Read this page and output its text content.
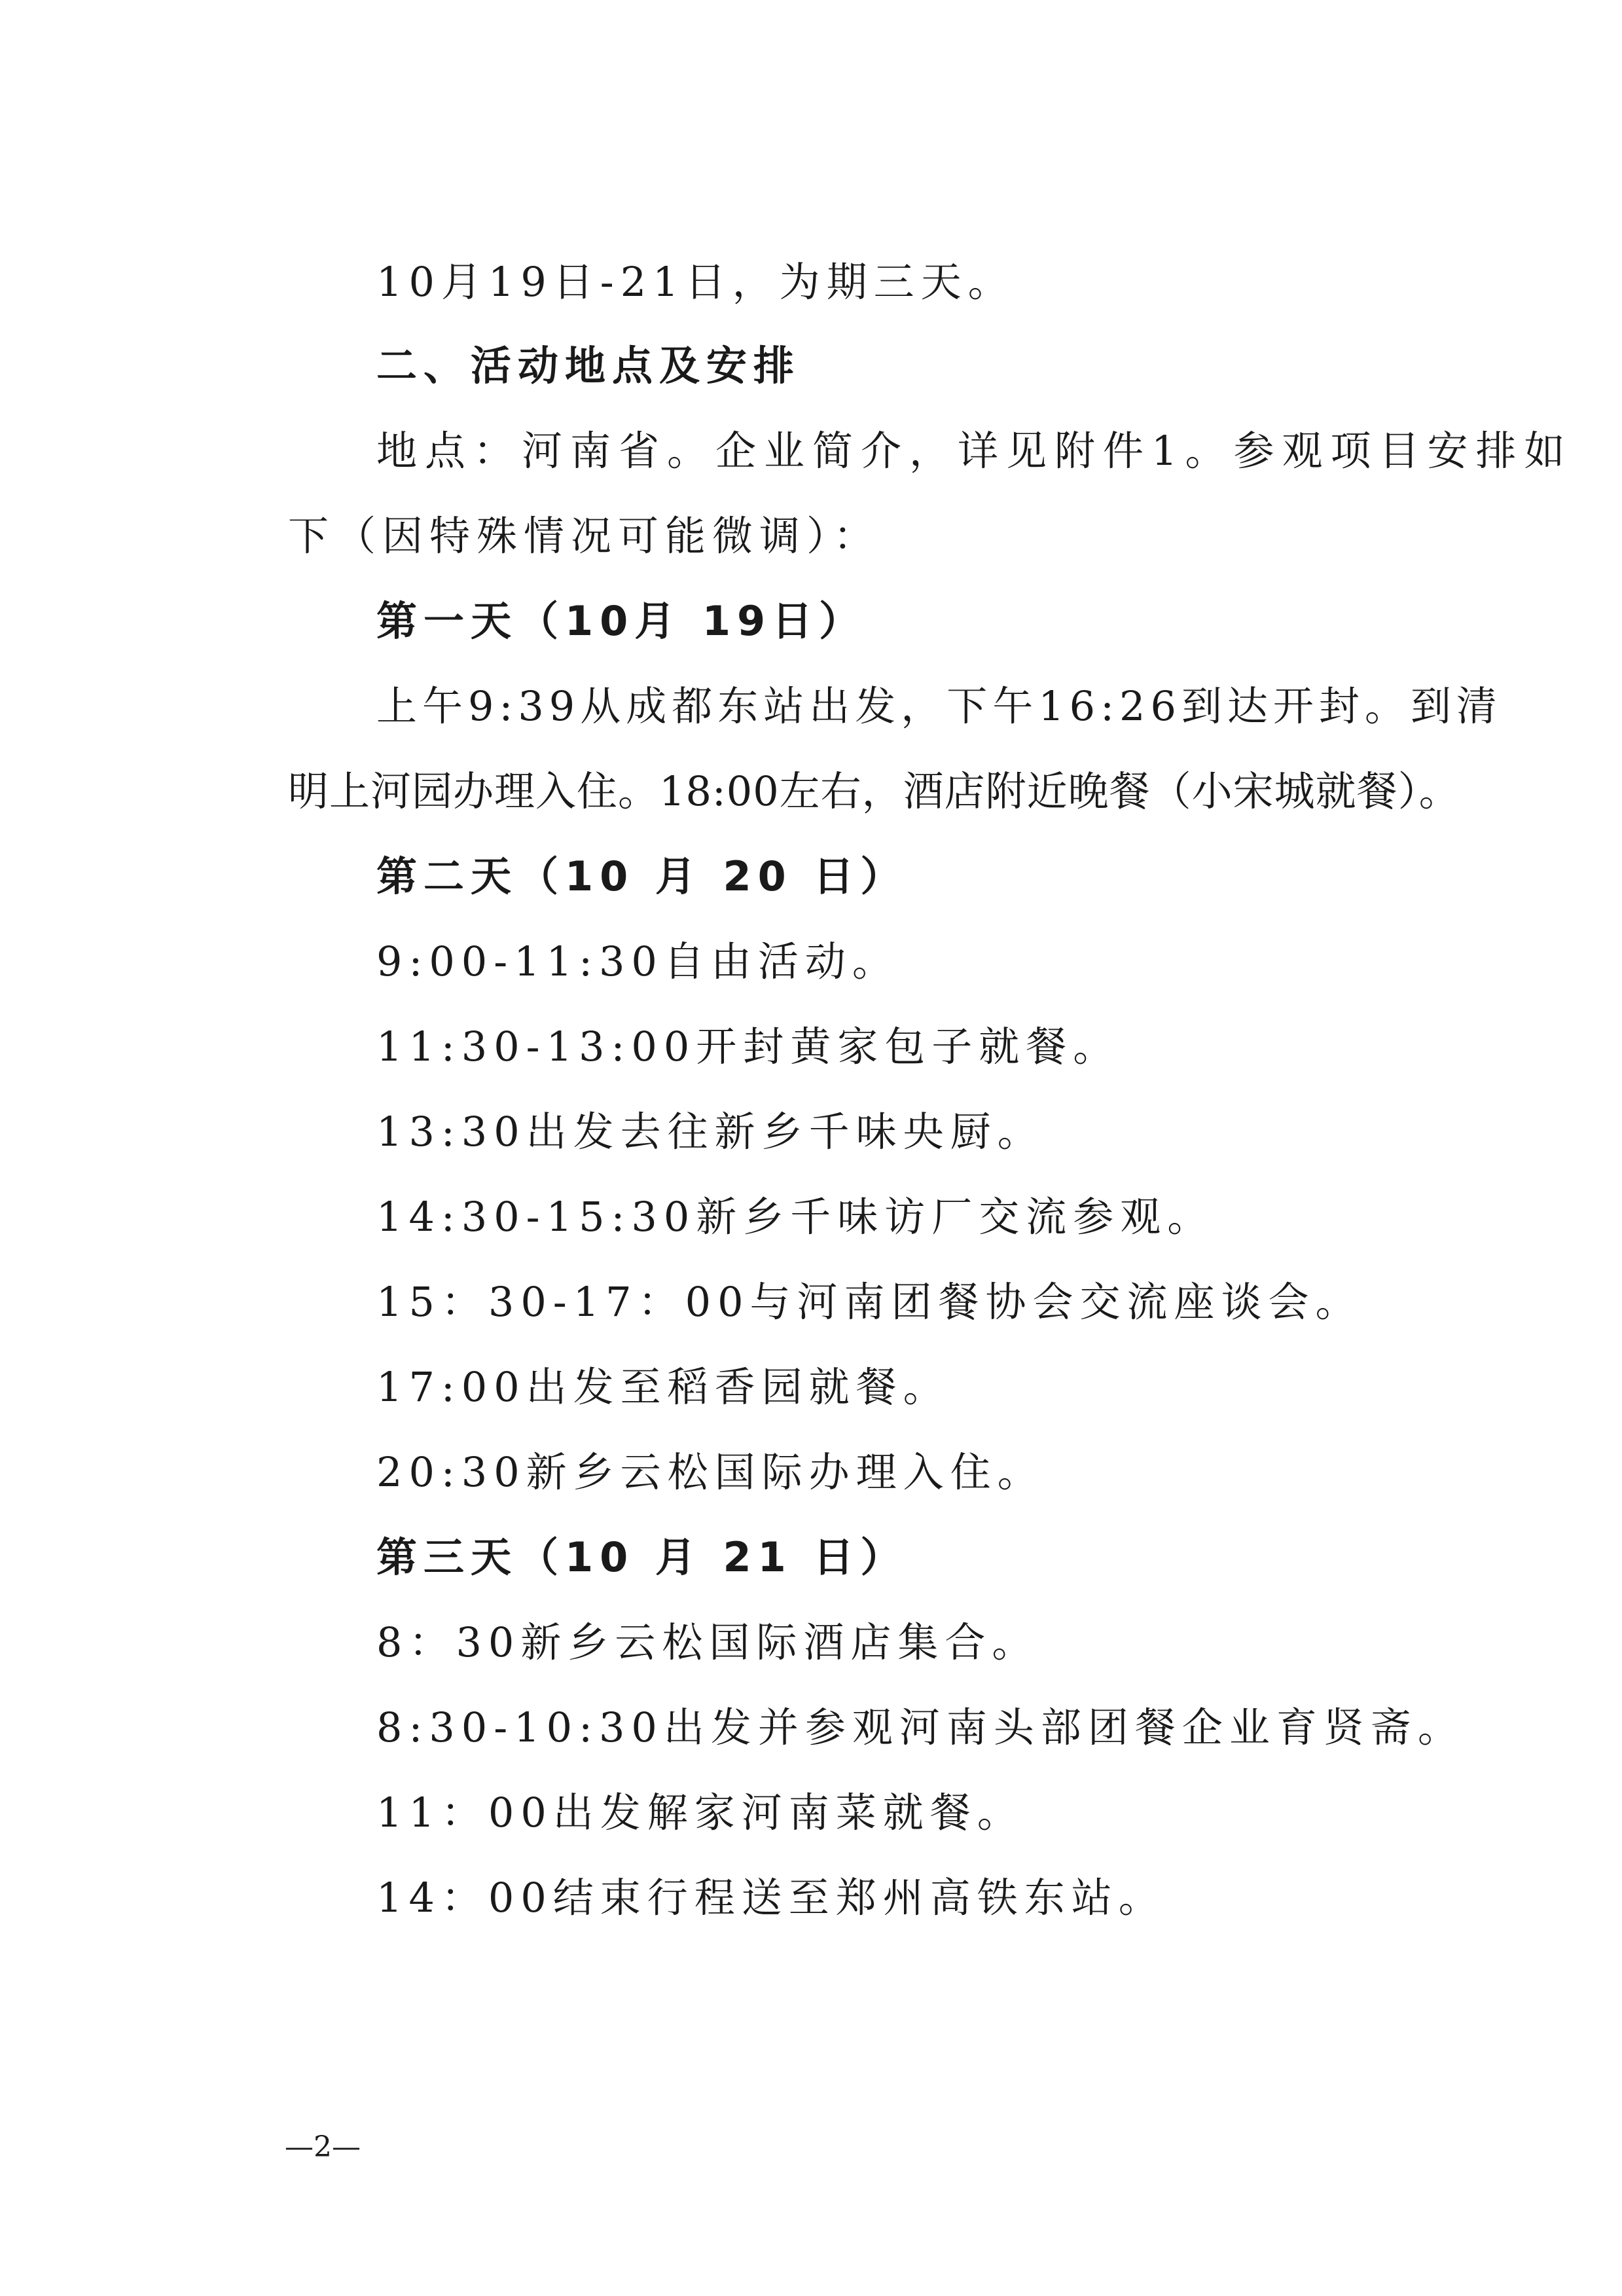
10月19日-21日，为期三天。
二、活动地点及安排
地点：河南省。企业简介，详见附件1。参观项目安排如
下（因特殊情况可能微调）：
第一天（10月 19日）
上午9:39从成都东站出发，下午16:26到达开封。到清
明上河园办理入住。18:00左右，酒店附近晚餐（小宋城就餐）。
第二天（10 月 20 日）
9:00-11:30自由活动。
11:30-13:00开封黄家包子就餐。
13:30出发去往新乡千味央厨。
14:30-15:30新乡千味访厂交流参观。
15：30-17：00与河南团餐协会交流座谈会。
17:00出发至稻香园就餐。
20:30新乡云松国际办理入住。
第三天（10 月 21 日）
8：30新乡云松国际酒店集合。
8:30-10:30出发并参观河南头部团餐企业育贤斋。
11：00出发解家河南菜就餐。
14：00结束行程送至郑州高铁东站。
—2—
